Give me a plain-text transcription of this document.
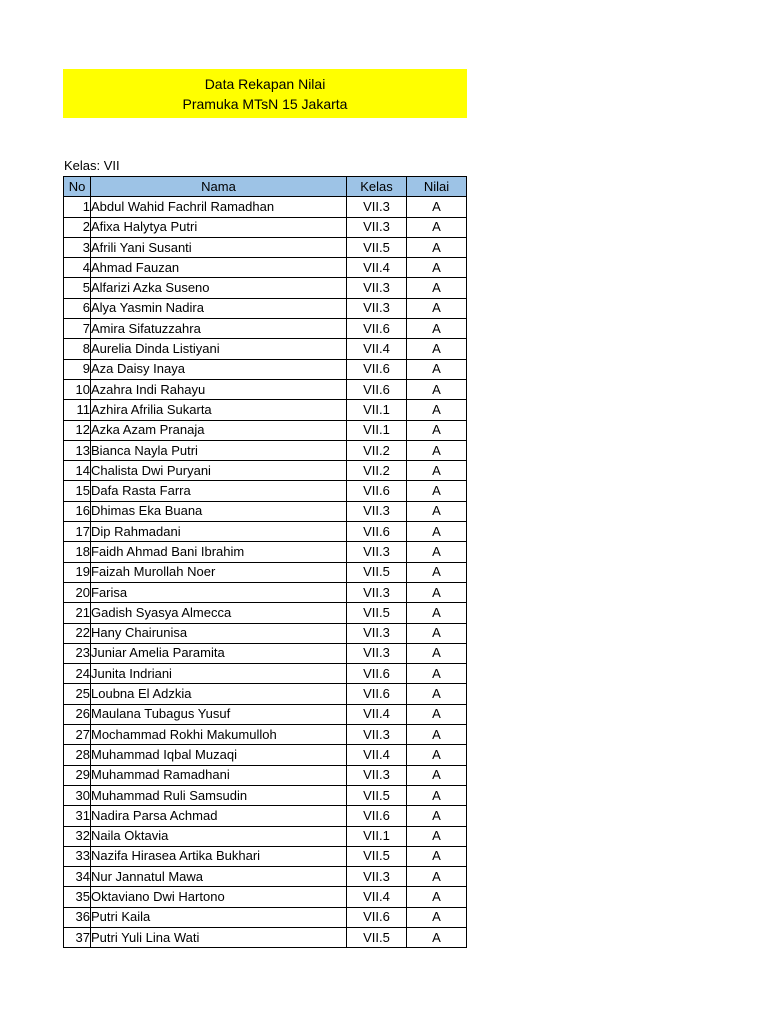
Data Rekapan Nilai
Pramuka MTsN 15 Jakarta
Kelas: VII
No	Nama	Kelas	Nilai
1	Abdul Wahid Fachril Ramadhan	VII.3	A
2	Afixa Halytya Putri	VII.3	A
3	Afrili Yani Susanti	VII.5	A
4	Ahmad Fauzan	VII.4	A
5	Alfarizi Azka Suseno	VII.3	A
6	Alya Yasmin Nadira	VII.3	A
7	Amira Sifatuzzahra	VII.6	A
8	Aurelia Dinda Listiyani	VII.4	A
9	Aza Daisy Inaya	VII.6	A
10	Azahra Indi Rahayu	VII.6	A
11	Azhira Afrilia Sukarta	VII.1	A
12	Azka Azam Pranaja	VII.1	A
13	Bianca Nayla Putri	VII.2	A
14	Chalista Dwi Puryani	VII.2	A
15	Dafa Rasta Farra	VII.6	A
16	Dhimas Eka Buana	VII.3	A
17	Dip Rahmadani	VII.6	A
18	Faidh Ahmad Bani Ibrahim	VII.3	A
19	Faizah Murollah Noer	VII.5	A
20	Farisa	VII.3	A
21	Gadish Syasya Almecca	VII.5	A
22	Hany Chairunisa	VII.3	A
23	Juniar Amelia Paramita	VII.3	A
24	Junita Indriani	VII.6	A
25	Loubna El Adzkia	VII.6	A
26	Maulana Tubagus Yusuf	VII.4	A
27	Mochammad Rokhi Makumulloh	VII.3	A
28	Muhammad Iqbal Muzaqi	VII.4	A
29	Muhammad Ramadhani	VII.3	A
30	Muhammad Ruli Samsudin	VII.5	A
31	Nadira Parsa Achmad	VII.6	A
32	Naila Oktavia	VII.1	A
33	Nazifa Hirasea Artika Bukhari	VII.5	A
34	Nur Jannatul Mawa	VII.3	A
35	Oktaviano Dwi Hartono	VII.4	A
36	Putri Kaila	VII.6	A
37	Putri Yuli Lina Wati	VII.5	A
